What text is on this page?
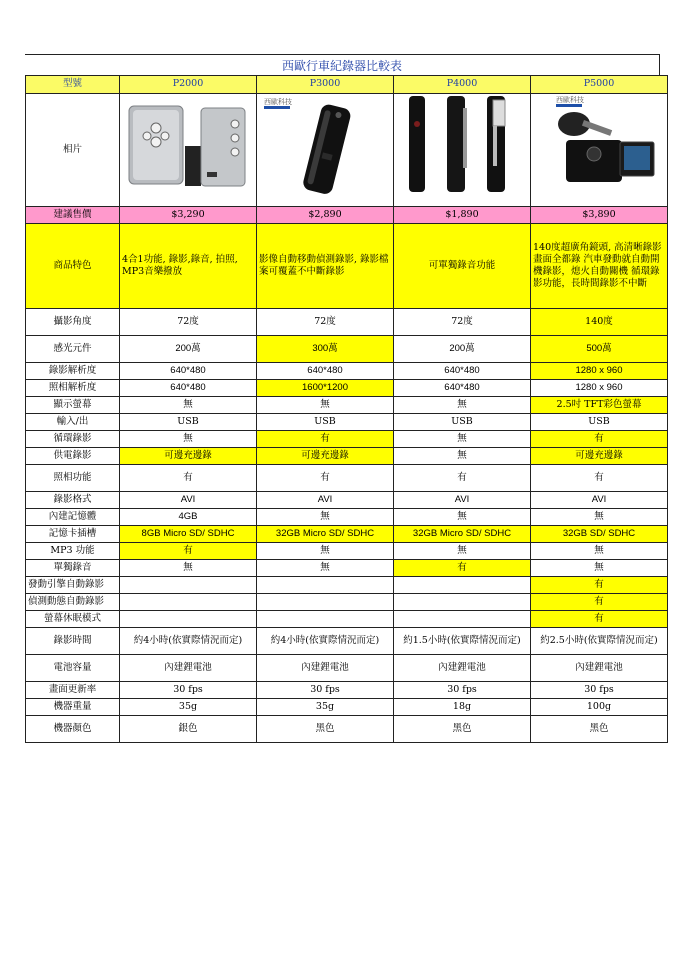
西歐行車紀錄器比較表
型號	P2000	P3000	P4000	P5000
相片		西歐科技		西歐科技

建議售價	$3,290	$2,890	$1,890	$3,890
商品特色	4合1功能, 錄影,錄音, 拍照, MP3音樂撥放	影像自動移動偵測錄影, 錄影檔案可覆蓋不中斷錄影	可單獨錄音功能	140度超廣角鏡頭, 高清晰錄影畫面全都錄 汽車發動就自動開機錄影，熄火自動關機 循環錄影功能，長時間錄影不中斷
攝影角度	72度	72度	72度	140度
感光元件	200萬	300萬	200萬	500萬
錄影解析度	640*480	640*480	640*480	1280 x 960
照相解析度	640*480	1600*1200	640*480	1280 x 960
顯示螢幕	無	無	無	2.5吋 TFT彩色螢幕
輸入/出	USB	USB	USB	USB
循環錄影	無	有	無	有
供電錄影	可邊充邊錄	可邊充邊錄	無	可邊充邊錄
照相功能	有	有	有	有
錄影格式	AVI	AVI	AVI	AVI
內建記憶體	4GB	無	無	無
記憶卡插槽	8GB Micro SD/ SDHC	32GB Micro SD/ SDHC	32GB Micro SD/ SDHC	32GB SD/ SDHC
MP3 功能	有	無	無	無
單獨錄音	無	無	有	無
發動引擎自動錄影				有
偵測動態自動錄影				有
螢幕休眠模式				有
錄影時間	約4小時(依實際情況而定)	約4小時(依實際情況而定)	約1.5小時(依實際情況而定)	約2.5小時(依實際情況而定)
電池容量	內建鋰電池	內建鋰電池	內建鋰電池	內建鋰電池
畫面更新率	30 fps	30 fps	30 fps	30 fps
機器重量	35g	35g	18g	100g
機器顏色	銀色	黑色	黑色	黑色
